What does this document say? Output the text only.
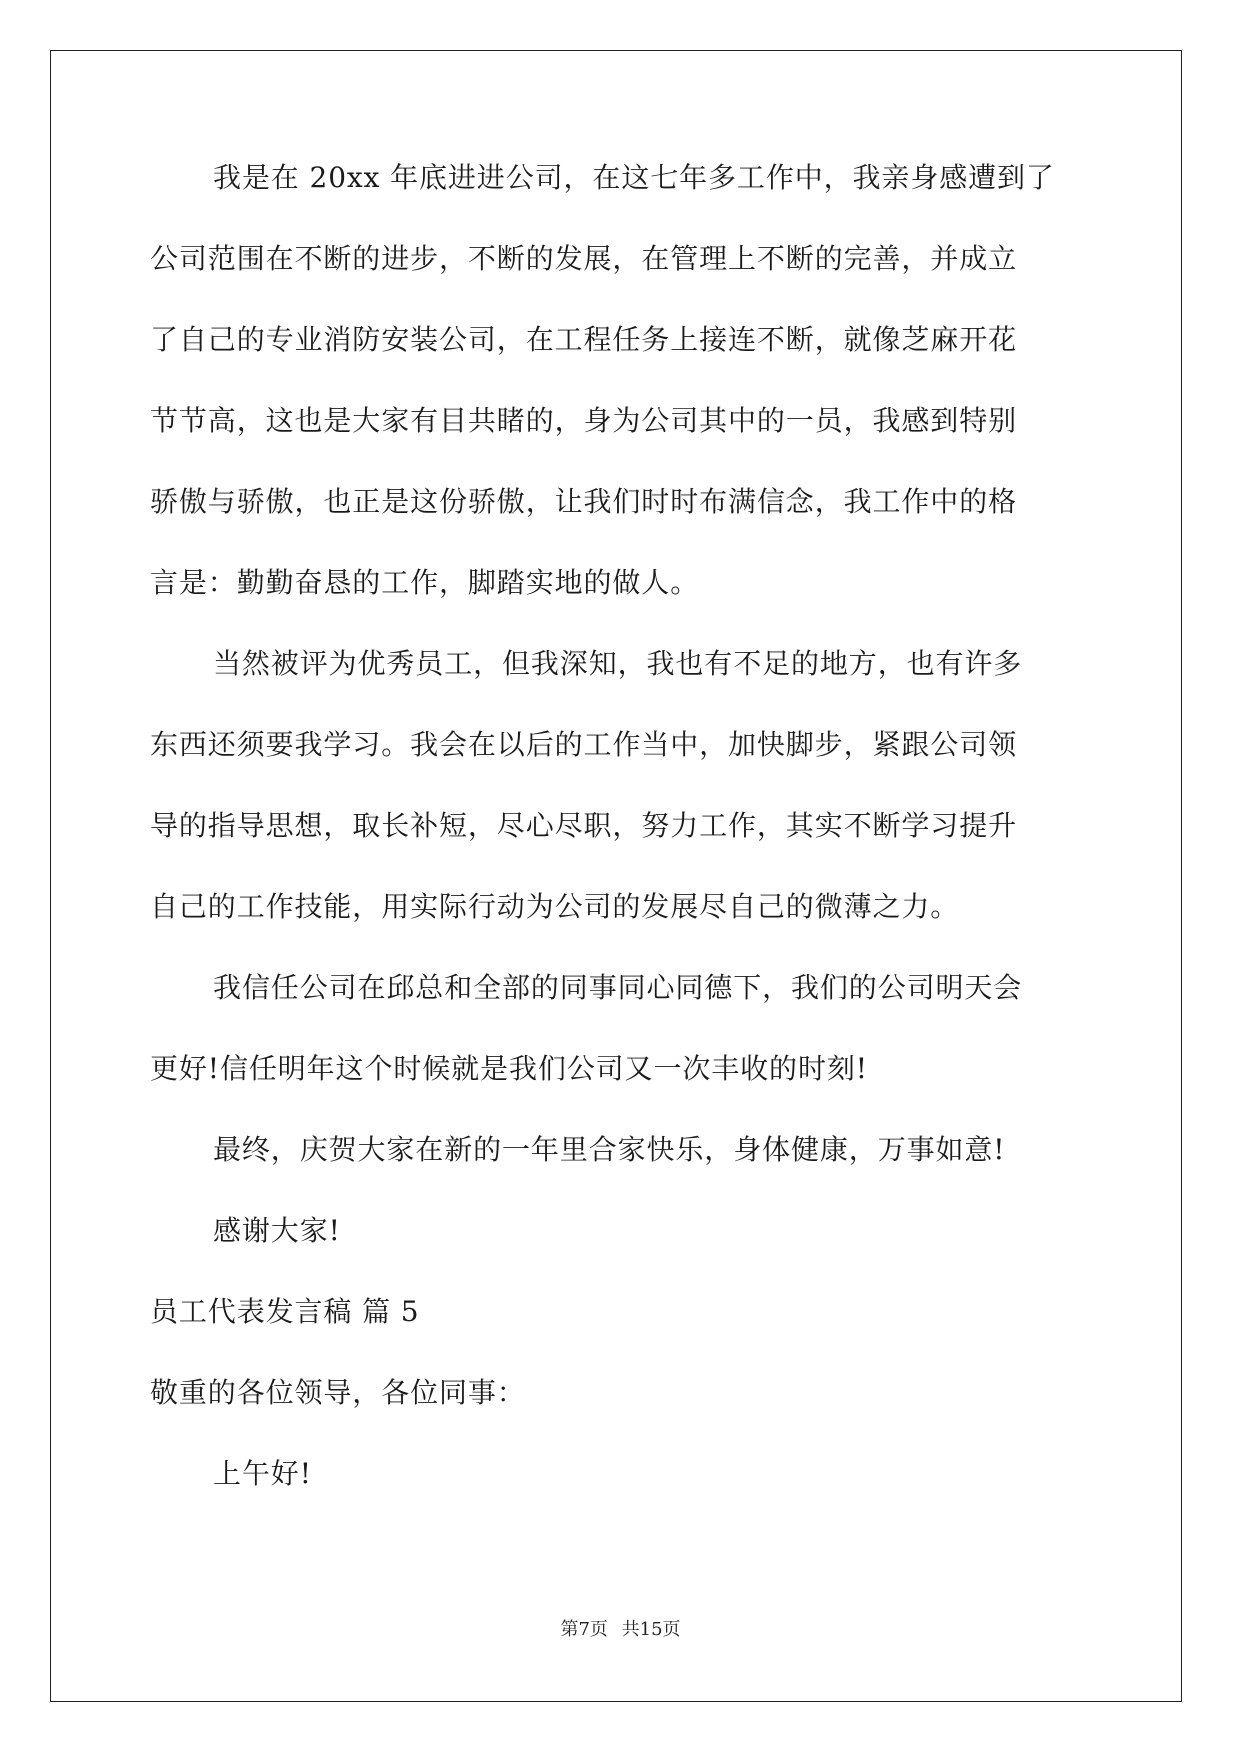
我是在 20xx 年底进进公司，在这七年多工作中，我亲身感遭到了
公司范围在不断的进步，不断的发展，在管理上不断的完善，并成立
了自己的专业消防安装公司，在工程任务上接连不断，就像芝麻开花
节节高，这也是大家有目共睹的，身为公司其中的一员，我感到特别
骄傲与骄傲，也正是这份骄傲，让我们时时布满信念，我工作中的格
言是：勤勤奋恳的工作，脚踏实地的做人。
当然被评为优秀员工，但我深知，我也有不足的地方，也有许多
东西还须要我学习。我会在以后的工作当中，加快脚步，紧跟公司领
导的指导思想，取长补短，尽心尽职，努力工作，其实不断学习提升
自己的工作技能，用实际行动为公司的发展尽自己的微薄之力。
我信任公司在邱总和全部的同事同心同德下，我们的公司明天会
更好!信任明年这个时候就是我们公司又一次丰收的时刻!
最终，庆贺大家在新的一年里合家快乐，身体健康，万事如意!
感谢大家!
员工代表发言稿 篇 5
敬重的各位领导，各位同事：
上午好!
第7页 共15页
